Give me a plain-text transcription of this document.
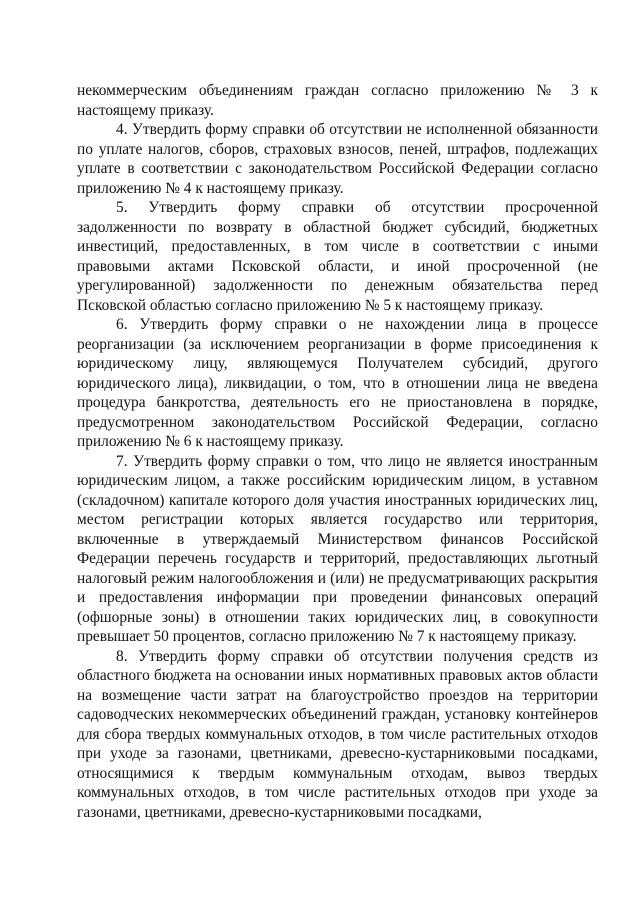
некоммерческим объединениям граждан согласно приложению № 3 к настоящему приказу.

4. Утвердить форму справки об отсутствии не исполненной обязанности по уплате налогов, сборов, страховых взносов, пеней, штрафов, подлежащих уплате в соответствии с законодательством Российской Федерации согласно приложению № 4 к настоящему приказу.

5. Утвердить форму справки об отсутствии просроченной задолженности по возврату в областной бюджет субсидий, бюджетных инвестиций, предоставленных, в том числе в соответствии с иными правовыми актами Псковской области, и иной просроченной (не урегулированной) задолженности по денежным обязательства перед Псковской областью согласно приложению № 5 к настоящему приказу.

6. Утвердить форму справки о не нахождении лица в процессе реорганизации (за исключением реорганизации в форме присоединения к юридическому лицу, являющемуся Получателем субсидий, другого юридического лица), ликвидации, о том, что в отношении лица не введена процедура банкротства, деятельность его не приостановлена в порядке, предусмотренном законодательством Российской Федерации, согласно приложению № 6 к настоящему приказу.

7. Утвердить форму справки о том, что лицо не является иностранным юридическим лицом, а также российским юридическим лицом, в уставном (складочном) капитале которого доля участия иностранных юридических лиц, местом регистрации которых является государство или территория, включенные в утверждаемый Министерством финансов Российской Федерации перечень государств и территорий, предоставляющих льготный налоговый режим налогообложения и (или) не предусматривающих раскрытия и предоставления информации при проведении финансовых операций (офшорные зоны) в отношении таких юридических лиц, в совокупности превышает 50 процентов, согласно приложению № 7 к настоящему приказу.

8. Утвердить форму справки об отсутствии получения средств из областного бюджета на основании иных нормативных правовых актов области на возмещение части затрат на благоустройство проездов на территории садоводческих некоммерческих объединений граждан, установку контейнеров для сбора твердых коммунальных отходов, в том числе растительных отходов при уходе за газонами, цветниками, древесно-кустарниковыми посадками, относящимися к твердым коммунальным отходам, вывоз твердых коммунальных отходов, в том числе растительных отходов при уходе за газонами, цветниками, древесно-кустарниковыми посадками,
